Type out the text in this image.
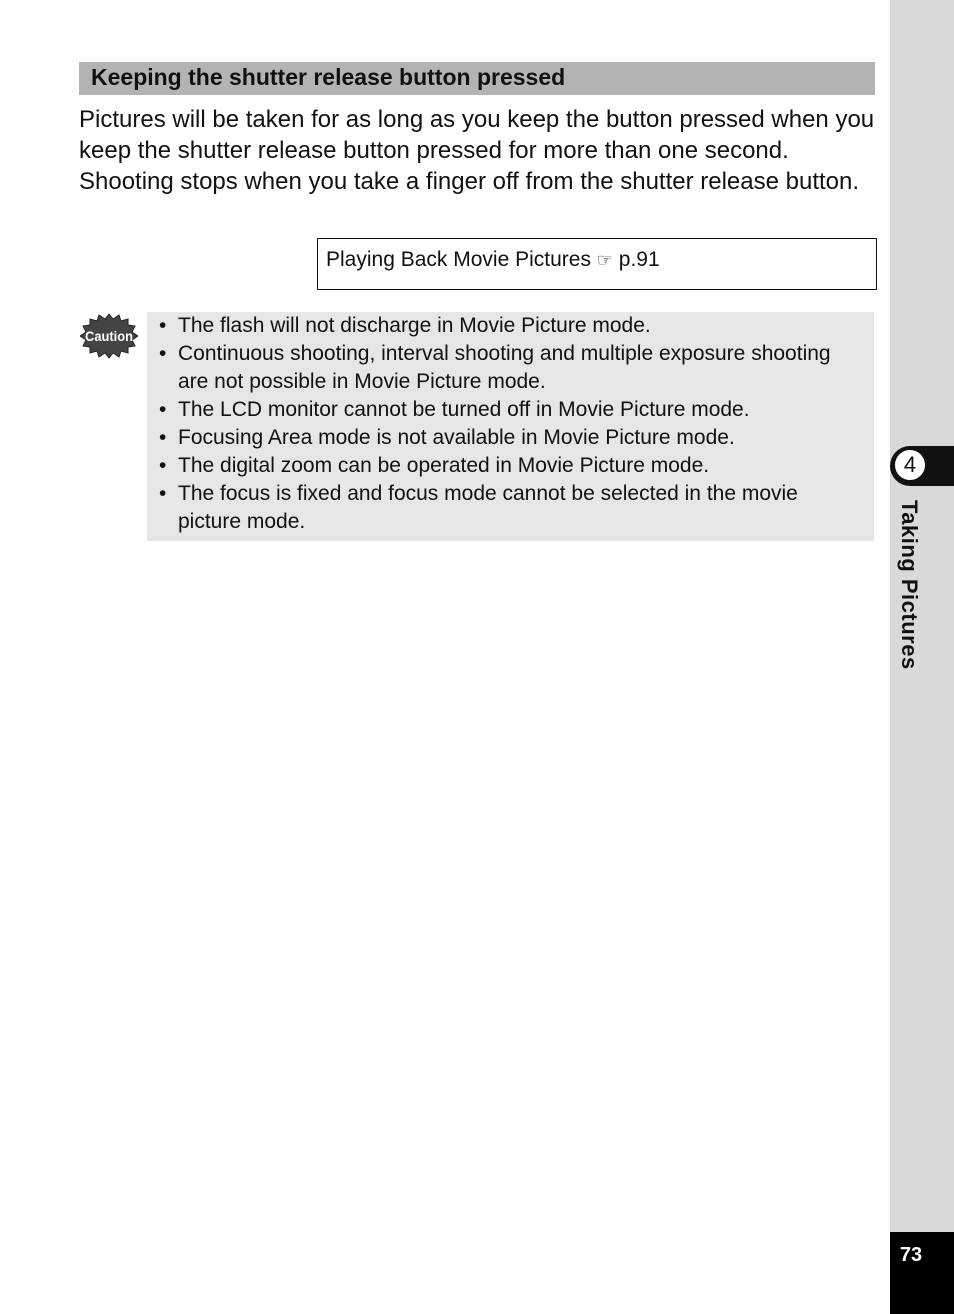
4
Taking Pictures
Keeping the shutter release button pressed

Pictures will be taken for as long as you keep the button pressed when you keep the shutter release button pressed for more than one second. Shooting stops when you take a finger off from the shutter release button.

Playing Back Movie Pictures ☞ p.91
Caution
•	The flash will not discharge in Movie Picture mode.
• Continuous shooting, interval shooting and multiple exposure shooting are not possible in Movie Picture mode.
• The LCD monitor cannot be turned off in Movie Picture mode.
• Focusing Area mode is not available in Movie Picture mode.
• The digital zoom can be operated in Movie Picture mode.
• The focus is fixed and focus mode cannot be selected in the movie picture mode.
73
